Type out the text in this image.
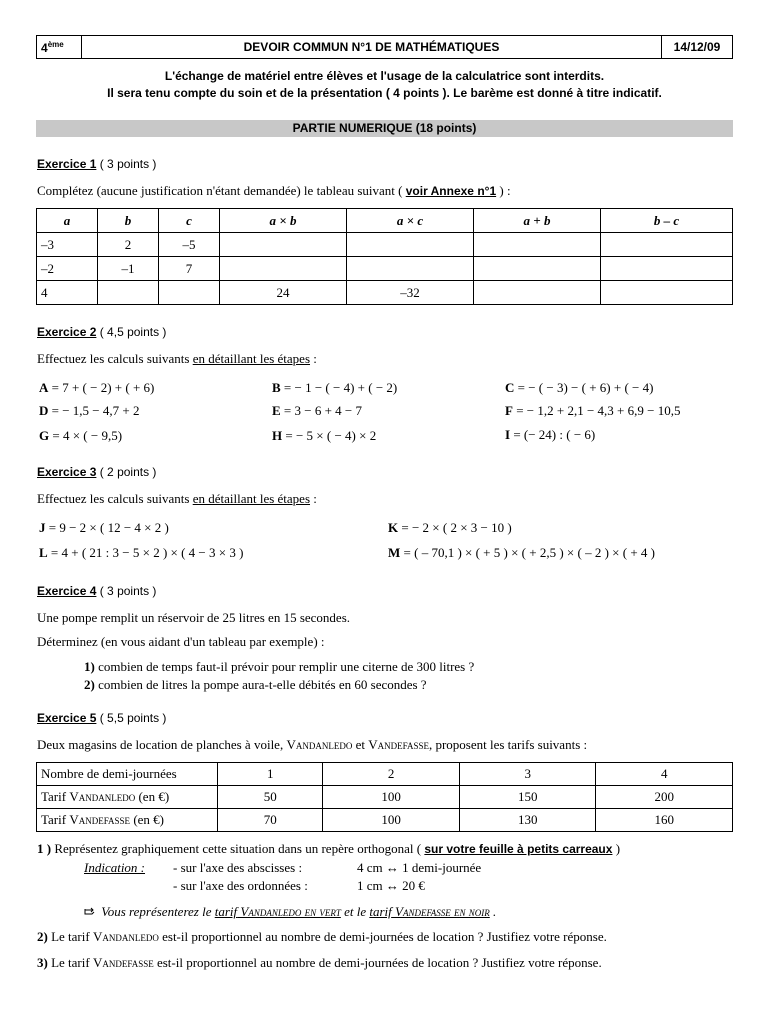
4ème	DEVOIR COMMUN N°1 DE MATHÉMATIQUES	14/12/09
L'échange de matériel entre élèves et l'usage de la calculatrice sont interdits.
Il sera tenu compte du soin et de la présentation ( 4 points ). Le barème est donné à titre indicatif.
PARTIE NUMERIQUE (18 points)
Exercice 1 ( 3 points )
Complétez (aucune justification n'étant demandée) le tableau suivant ( voir Annexe n°1 ) :
a	b	c	a × b	a × c	a + b	b – c
–3	2	–5				
–2	–1	7				
4			24	–32		
Exercice 2 ( 4,5 points )
Effectuez les calculs suivants en détaillant les étapes :
A = 7 + ( − 2) + ( + 6)	B = − 1 − ( − 4) + ( − 2)	C = − ( − 3) − ( + 6) + ( − 4)
D = − 1,5 − 4,7 + 2	E = 3 − 6 + 4 − 7	F = − 1,2 + 2,1 − 4,3 + 6,9 − 10,5
G = 4 × ( − 9,5)	H = − 5 × ( − 4) × 2	I = (− 24) : ( − 6)
Exercice 3 ( 2 points )
Effectuez les calculs suivants en détaillant les étapes :
J = 9 − 2 × ( 12 − 4 × 2 )	K = − 2 × ( 2 × 3 − 10 )
L = 4 + ( 21 : 3 − 5 × 2 ) × ( 4 − 3 × 3 )	M = ( – 70,1 ) × ( + 5 ) × ( + 2,5 ) × ( – 2 ) × ( + 4 )
Exercice 4 ( 3 points )
Une pompe remplit un réservoir de 25 litres en 15 secondes.
Déterminez (en vous aidant d'un tableau par exemple) :
1) combien de temps faut-il prévoir pour remplir une citerne de 300 litres ?
2) combien de litres la pompe aura-t-elle débités en 60 secondes ?
Exercice 5 ( 5,5 points )
Deux magasins de location de planches à voile, Vandanledo et Vandefasse, proposent les tarifs suivants :
Nombre de demi-journées	1	2	3	4
Tarif Vandanledo (en €)	50	100	150	200
Tarif Vandefasse (en €)	70	100	130	160
1 ) Représentez graphiquement cette situation dans un repère orthogonal ( sur votre feuille à petits carreaux )
Indication : - sur l'axe des abscisses :	4 cm ↔ 1 demi-journée
- sur l'axe des ordonnées :	1 cm ↔ 20 €
Vous représenterez le tarif Vandanledo en vert et le tarif Vandefasse en noir .
2) Le tarif Vandanledo est-il proportionnel au nombre de demi-journées de location ? Justifiez votre réponse.
3) Le tarif Vandefasse est-il proportionnel au nombre de demi-journées de location ? Justifiez votre réponse.
